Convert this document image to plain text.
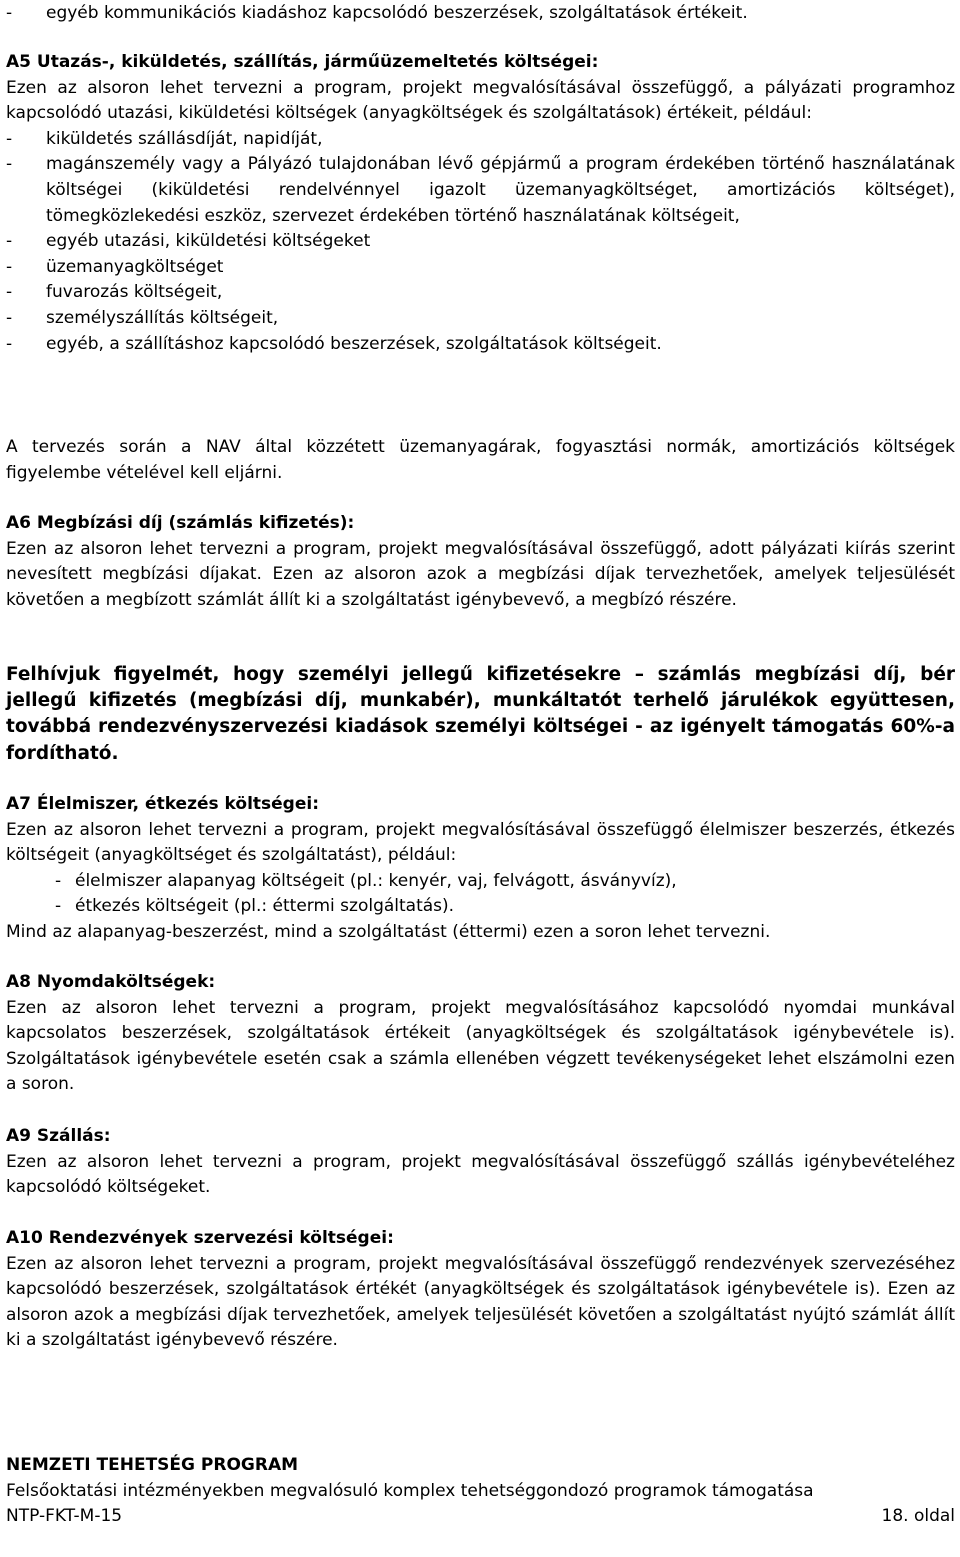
-	egyéb kommunikációs kiadáshoz kapcsolódó beszerzések, szolgáltatások értékeit.

A5 Utazás-, kiküldetés, szállítás, járműüzemeltetés költségei:

Ezen az alsoron lehet tervezni a program, projekt megvalósításával összefüggő, a pályázati programhoz kapcsolódó utazási, kiküldetési költségek (anyagköltségek és szolgáltatások) értékeit, például:

-	kiküldetés szállásdíját, napidíját,
-	magánszemély vagy a Pályázó tulajdonában lévő gépjármű a program érdekében történő használatának költségei (kiküldetési rendelvénnyel igazolt üzemanyagköltséget, amortizációs költséget), tömegközlekedési eszköz, szervezet érdekében történő használatának költségeit,
-	egyéb utazási, kiküldetési költségeket
-	üzemanyagköltséget
-	fuvarozás költségeit,
-	személyszállítás költségeit,
-	egyéb, a szállításhoz kapcsolódó beszerzések, szolgáltatások költségeit.

A tervezés során a NAV által közzétett üzemanyagárak, fogyasztási normák, amortizációs költségek figyelembe vételével kell eljárni.

A6 Megbízási díj (számlás kifizetés):

Ezen az alsoron lehet tervezni a program, projekt megvalósításával összefüggő, adott pályázati kiírás szerint nevesített megbízási díjakat. Ezen az alsoron azok a megbízási díjak tervezhetőek, amelyek teljesülését követően a megbízott számlát állít ki a szolgáltatást igénybevevő, a megbízó részére.

Felhívjuk figyelmét, hogy személyi jellegű kifizetésekre – számlás megbízási díj, bér jellegű kifizetés (megbízási díj, munkabér), munkáltatót terhelő járulékok együttesen, továbbá rendezvényszervezési kiadások személyi költségei - az igényelt támogatás 60%-a fordítható.

A7 Élelmiszer, étkezés költségei:

Ezen az alsoron lehet tervezni a program, projekt megvalósításával összefüggő élelmiszer beszerzés, étkezés költségeit (anyagköltséget és szolgáltatást), például:

- élelmiszer alapanyag költségeit (pl.: kenyér, vaj, felvágott, ásványvíz),
- étkezés költségeit (pl.: éttermi szolgáltatás).

Mind az alapanyag-beszerzést, mind a szolgáltatást (éttermi) ezen a soron lehet tervezni.

A8 Nyomdaköltségek:

Ezen az alsoron lehet tervezni a program, projekt megvalósításához kapcsolódó nyomdai munkával kapcsolatos beszerzések, szolgáltatások értékeit (anyagköltségek és szolgáltatások igénybevétele is). Szolgáltatások igénybevétele esetén csak a számla ellenében végzett tevékenységeket lehet elszámolni ezen a soron.

A9 Szállás:

Ezen az alsoron lehet tervezni a program, projekt megvalósításával összefüggő szállás igénybevételéhez kapcsolódó költségeket.

A10 Rendezvények szervezési költségei:

Ezen az alsoron lehet tervezni a program, projekt megvalósításával összefüggő rendezvények szervezéséhez kapcsolódó beszerzések, szolgáltatások értékét (anyagköltségek és szolgáltatások igénybevétele is). Ezen az alsoron azok a megbízási díjak tervezhetőek, amelyek teljesülését követően a szolgáltatást nyújtó számlát állít ki a szolgáltatást igénybevevő részére.

NEMZETI TEHETSÉG PROGRAM

Felsőoktatási intézményekben megvalósuló komplex tehetséggondozó programok támogatása

NTP-FKT-M-15	18. oldal
